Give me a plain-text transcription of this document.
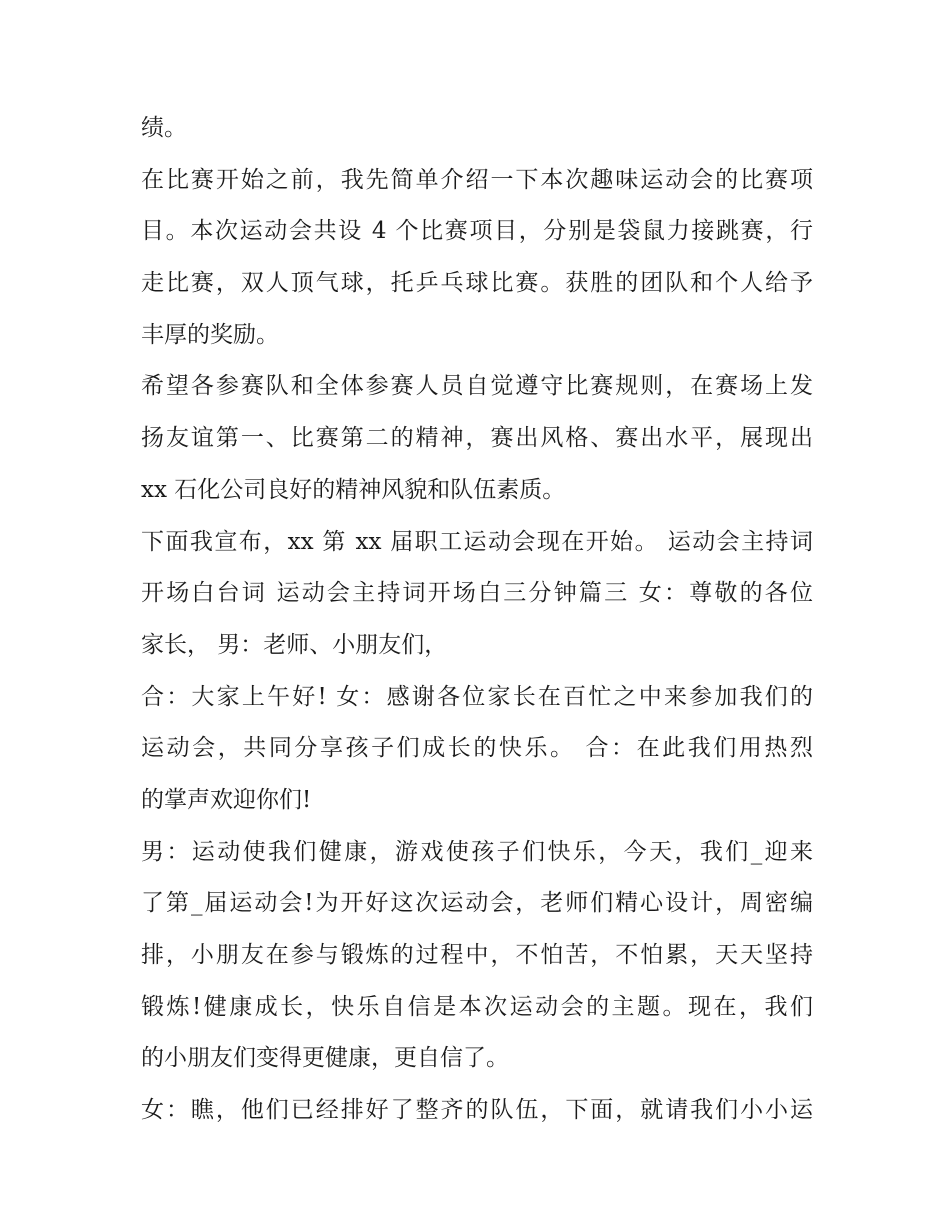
绩。
在比赛开始之前，我先简单介绍一下本次趣味运动会的比赛项
目。本次运动会共设 4 个比赛项目，分别是袋鼠力接跳赛，行
走比赛，双人顶气球，托乒乓球比赛。获胜的团队和个人给予
丰厚的奖励。
希望各参赛队和全体参赛人员自觉遵守比赛规则，在赛场上发
扬友谊第一、比赛第二的精神，赛出风格、赛出水平，展现出
xx 石化公司良好的精神风貌和队伍素质。
下面我宣布，xx 第 xx 届职工运动会现在开始。 运动会主持词
开场白台词 运动会主持词开场白三分钟篇三 女：尊敬的各位
家长， 男：老师、小朋友们，
合：大家上午好! 女：感谢各位家长在百忙之中来参加我们的
运动会，共同分享孩子们成长的快乐。 合：在此我们用热烈
的掌声欢迎你们!
男：运动使我们健康，游戏使孩子们快乐，今天，我们_迎来
了第_届运动会!为开好这次运动会，老师们精心设计，周密编
排，小朋友在参与锻炼的过程中，不怕苦，不怕累，天天坚持
锻炼!健康成长，快乐自信是本次运动会的主题。现在，我们
的小朋友们变得更健康，更自信了。
女：瞧，他们已经排好了整齐的队伍，下面，就请我们小小运
